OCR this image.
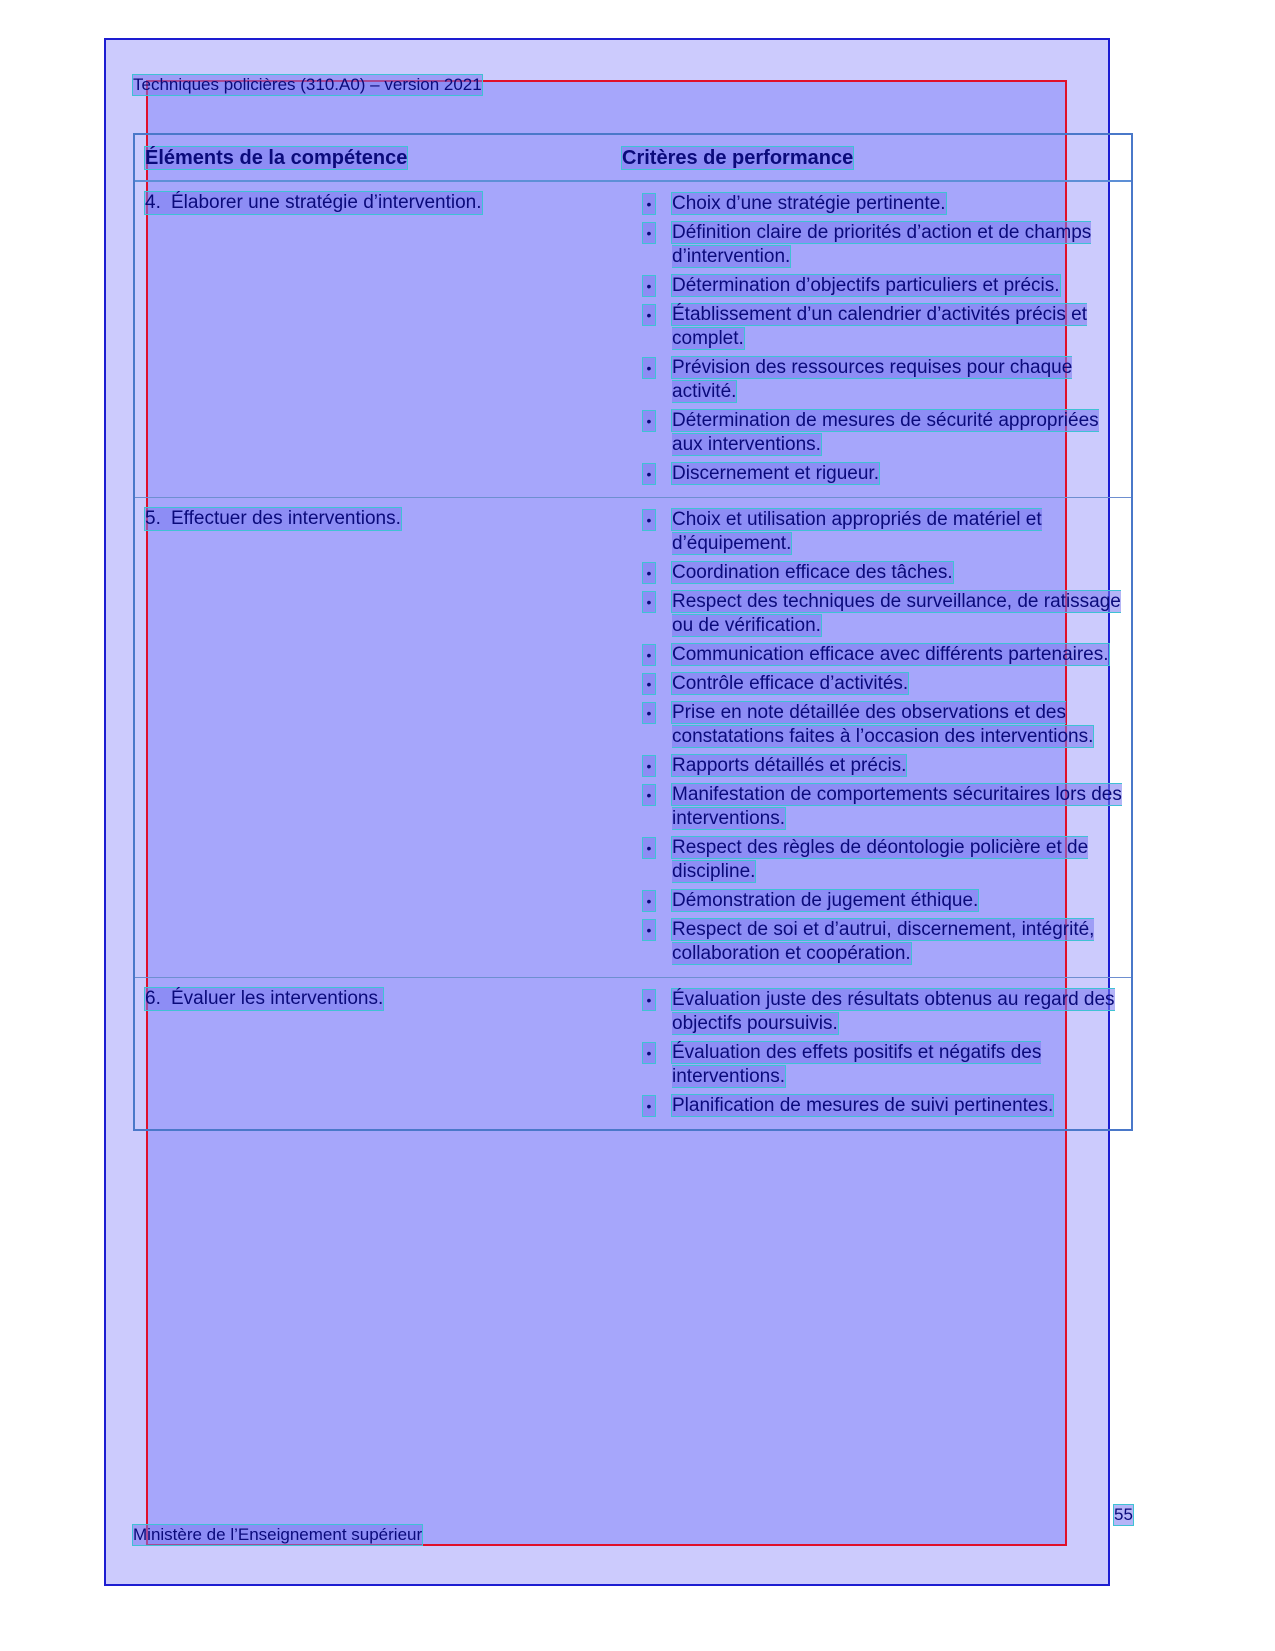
Techniques policières (310.A0) – version 2021
Éléments de la compétence	Critères de performance
4. Élaborer une stratégie d’intervention.	• Choix d’une stratégie pertinente.
• Définition claire de priorités d’action et de champs d’intervention.
• Détermination d’objectifs particuliers et précis.
• Établissement d’un calendrier d’activités précis et complet.
• Prévision des ressources requises pour chaque activité.
• Détermination de mesures de sécurité appropriées aux interventions.
• Discernement et rigueur.
5. Effectuer des interventions.	• Choix et utilisation appropriés de matériel et d’équipement.
• Coordination efficace des tâches.
• Respect des techniques de surveillance, de ratissage ou de vérification.
• Communication efficace avec différents partenaires.
• Contrôle efficace d’activités.
• Prise en note détaillée des observations et des constatations faites à l’occasion des interventions.
• Rapports détaillés et précis.
• Manifestation de comportements sécuritaires lors des interventions.
• Respect des règles de déontologie policière et de discipline.
• Démonstration de jugement éthique.
• Respect de soi et d’autrui, discernement, intégrité, collaboration et coopération.
6. Évaluer les interventions.	• Évaluation juste des résultats obtenus au regard des objectifs poursuivis.
• Évaluation des effets positifs et négatifs des interventions.
• Planification de mesures de suivi pertinentes.
55
Ministère de l’Enseignement supérieur
